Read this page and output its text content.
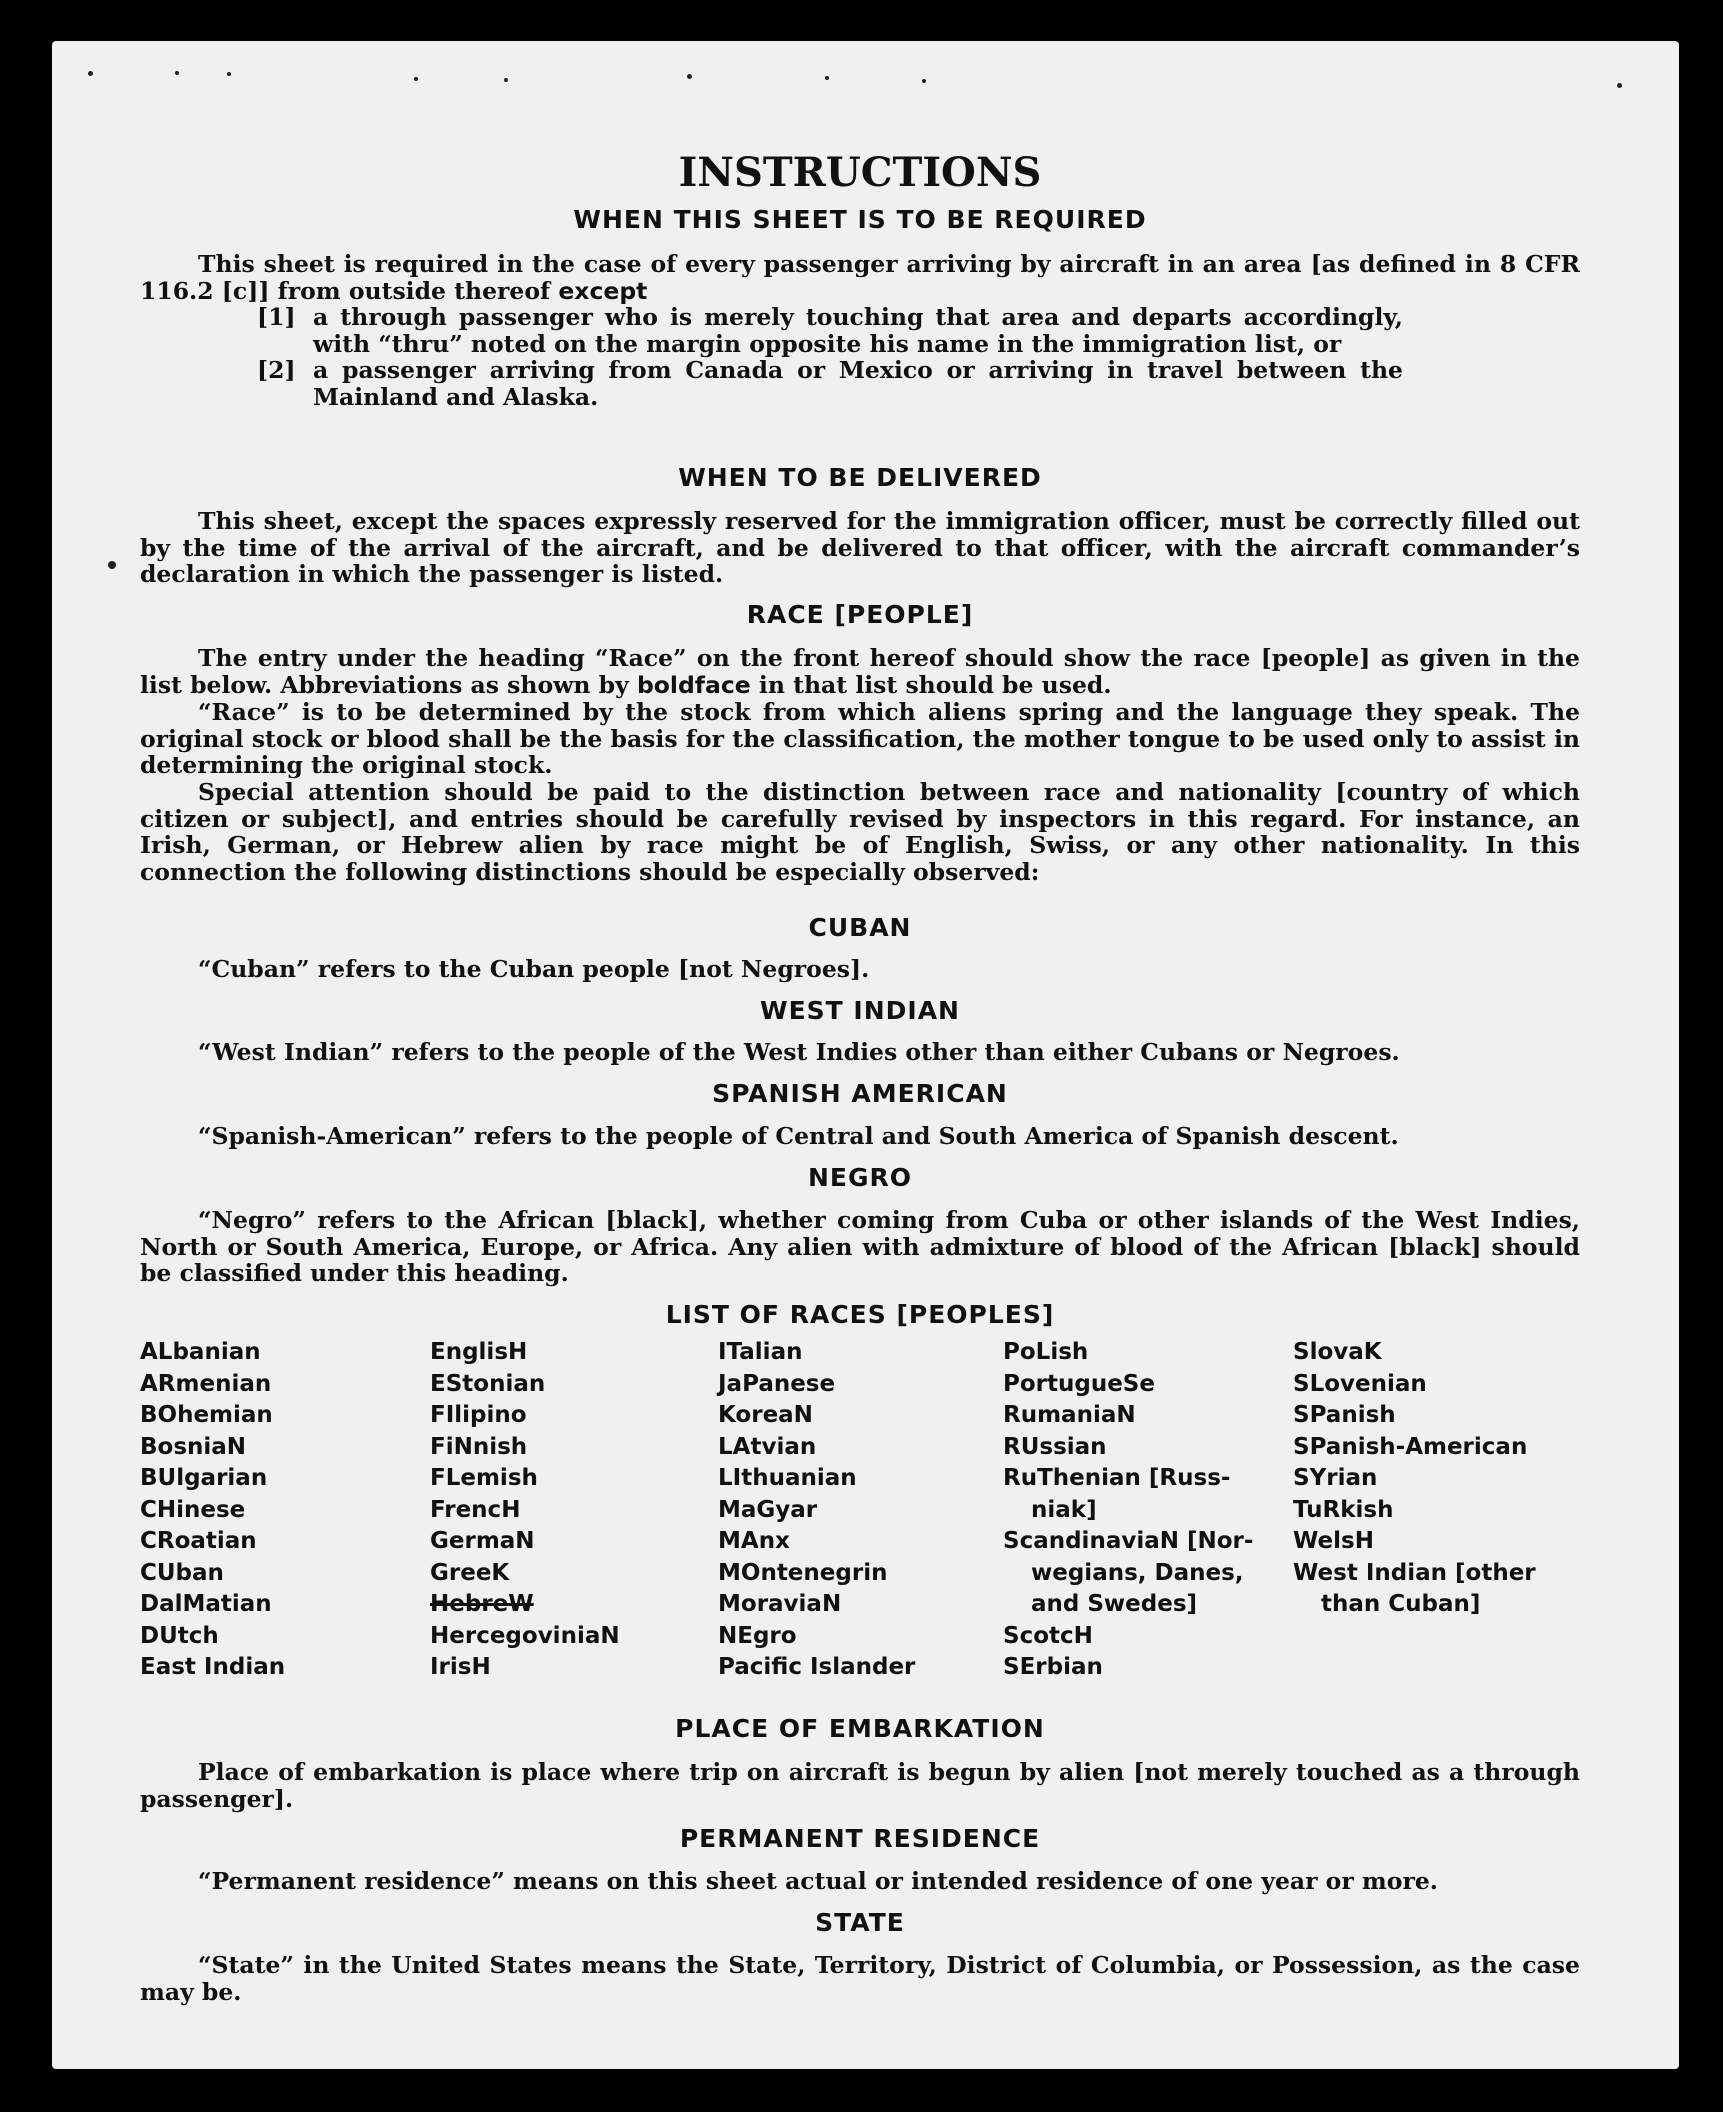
INSTRUCTIONS
WHEN THIS SHEET IS TO BE REQUIRED
This sheet is required in the case of every passenger arriving by aircraft in an area [as defined in 8 CFR 116.2 [c]] from outside thereof except
[1] a through passenger who is merely touching that area and departs accordingly, with “thru” noted on the margin opposite his name in the immigration list, or
[2] a passenger arriving from Canada or Mexico or arriving in travel between the Mainland and Alaska.
WHEN TO BE DELIVERED
This sheet, except the spaces expressly reserved for the immigration officer, must be correctly filled out by the time of the arrival of the aircraft, and be delivered to that officer, with the aircraft commander’s declaration in which the passenger is listed.
RACE [PEOPLE]
The entry under the heading “Race” on the front hereof should show the race [people] as given in the list below. Abbreviations as shown by boldface in that list should be used.
“Race” is to be determined by the stock from which aliens spring and the language they speak. The original stock or blood shall be the basis for the classification, the mother tongue to be used only to assist in determining the original stock.
Special attention should be paid to the distinction between race and nationality [country of which citizen or subject], and entries should be carefully revised by inspectors in this regard. For instance, an Irish, German, or Hebrew alien by race might be of English, Swiss, or any other nationality. In this connection the following distinctions should be especially observed:
CUBAN
“Cuban” refers to the Cuban people [not Negroes].
WEST INDIAN
“West Indian” refers to the people of the West Indies other than either Cubans or Negroes.
SPANISH AMERICAN
“Spanish-American” refers to the people of Central and South America of Spanish descent.
NEGRO
“Negro” refers to the African [black], whether coming from Cuba or other islands of the West Indies, North or South America, Europe, or Africa. Any alien with admixture of blood of the African [black] should be classified under this heading.
LIST OF RACES [PEOPLES]
ALbanian
ARmenian
BOhemian
BosniaN
BUlgarian
CHinese
CRoatian
CUban
DalMatian
DUtch
East Indian
EnglisH
EStonian
FIlipino
FiNnish
FLemish
FrencH
GermaN
GreeK
HebreW
HercegoviniaN
IrisH
ITalian
JaPanese
KoreaN
LAtvian
LIthuanian
MaGyar
MAnx
MOntenegrin
MoraviaN
NEgro
Pacific Islander
PoLish
PortugueSe
RumaniaN
RUssian
RuThenian [Russ-
niak]
ScandinaviaN [Nor-
wegians, Danes,
and Swedes]
ScotcH
SErbian
SlovaK
SLovenian
SPanish
SPanish-American
SYrian
TuRkish
WelsH
West Indian [other
than Cuban]
PLACE OF EMBARKATION
Place of embarkation is place where trip on aircraft is begun by alien [not merely touched as a through passenger].
PERMANENT RESIDENCE
“Permanent residence” means on this sheet actual or intended residence of one year or more.
STATE
“State” in the United States means the State, Territory, District of Columbia, or Possession, as the case may be.
